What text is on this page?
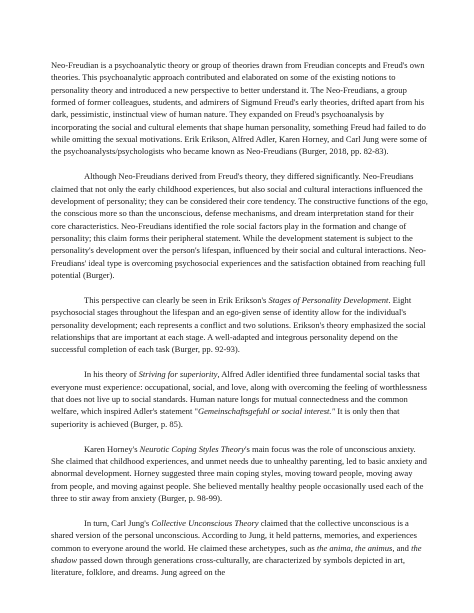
Neo-Freudian is a psychoanalytic theory or group of theories drawn from Freudian concepts and Freud's own theories. This psychoanalytic approach contributed and elaborated on some of the existing notions to personality theory and introduced a new perspective to better understand it. The Neo-Freudians, a group formed of former colleagues, students, and admirers of Sigmund Freud's early theories, drifted apart from his dark, pessimistic, instinctual view of human nature. They expanded on Freud's psychoanalysis by incorporating the social and cultural elements that shape human personality, something Freud had failed to do while omitting the sexual motivations. Erik Erikson, Alfred Adler, Karen Horney, and Carl Jung were some of the psychoanalysts/psychologists who became known as Neo-Freudians (Burger, 2018, pp. 82-83).

Although Neo-Freudians derived from Freud's theory, they differed significantly. Neo-Freudians claimed that not only the early childhood experiences, but also social and cultural interactions influenced the development of personality; they can be considered their core tendency. The constructive functions of the ego, the conscious more so than the unconscious, defense mechanisms, and dream interpretation stand for their core characteristics. Neo-Freudians identified the role social factors play in the formation and change of personality; this claim forms their peripheral statement. While the development statement is subject to the personality's development over the person's lifespan, influenced by their social and cultural interactions. Neo-Freudians' ideal type is overcoming psychosocial experiences and the satisfaction obtained from reaching full potential (Burger).

This perspective can clearly be seen in Erik Erikson's Stages of Personality Development. Eight psychosocial stages throughout the lifespan and an ego-given sense of identity allow for the individual's personality development; each represents a conflict and two solutions. Erikson's theory emphasized the social relationships that are important at each stage. A well-adapted and integrous personality depend on the successful completion of each task (Burger, pp. 92-93).

In his theory of Striving for superiority, Alfred Adler identified three fundamental social tasks that everyone must experience: occupational, social, and love, along with overcoming the feeling of worthlessness that does not live up to social standards. Human nature longs for mutual connectedness and the common welfare, which inspired Adler's statement "Gemeinschaftsgefuhl or social interest." It is only then that superiority is achieved (Burger, p. 85).

Karen Horney's Neurotic Coping Styles Theory's main focus was the role of unconscious anxiety. She claimed that childhood experiences, and unmet needs due to unhealthy parenting, led to basic anxiety and abnormal development. Horney suggested three main coping styles, moving toward people, moving away from people, and moving against people. She believed mentally healthy people occasionally used each of the three to stir away from anxiety (Burger, p. 98-99).

In turn, Carl Jung's Collective Unconscious Theory claimed that the collective unconscious is a shared version of the personal unconscious. According to Jung, it held patterns, memories, and experiences common to everyone around the world. He claimed these archetypes, such as the anima, the animus, and the shadow passed down through generations cross-culturally, are characterized by symbols depicted in art, literature, folklore, and dreams. Jung agreed on the
